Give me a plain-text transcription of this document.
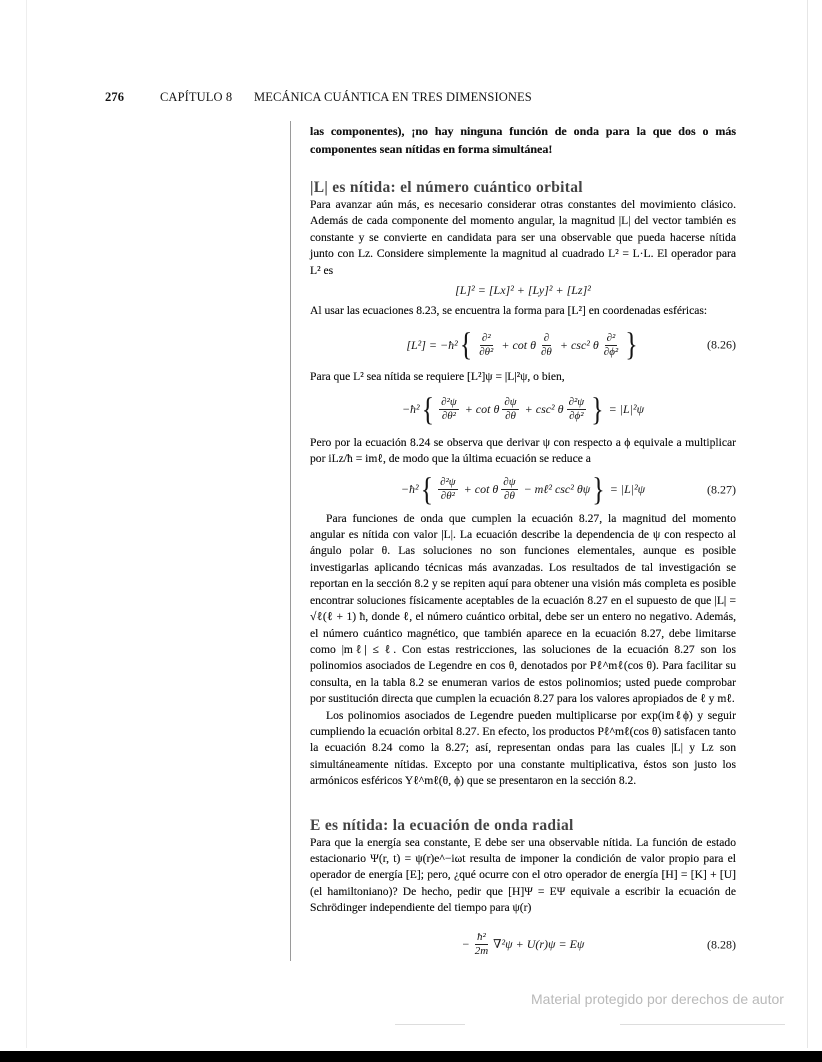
276	CAPÍTULO 8 MECÁNICA CUÁNTICA EN TRES DIMENSIONES

las componentes), ¡no hay ninguna función de onda para la que dos o más componentes sean nítidas en forma simultánea!

|L| es nítida: el número cuántico orbital

Para avanzar aún más, es necesario considerar otras constantes del movimiento clásico. Además de cada componente del momento angular, la magnitud |L| del vector también es constante y se convierte en candidata para ser una observable que pueda hacerse nítida junto con Lz. Considere simplemente la magnitud al cuadrado L² = L·L. El operador para L² es

[L]² = [Lx]² + [Ly]² + [Lz]²

Al usar las ecuaciones 8.23, se encuentra la forma para [L²] en coordenadas esféricas:

[L²] = −ħ² { $\frac{\text{∂²}}{\text{∂θ²}} + \cot \theta \frac{\partial}{\partial\theta} + \csc^2$ θ $\frac{\text{∂²}}{\text{∂ϕ²}}$ }	(8.26)

Para que L² sea nítida se requiere [L²]ψ = |L|²ψ, o bien,

−ħ² { $\frac{\text{∂²ψ}}{\text{∂θ²}} + \cot \theta \frac{\partial\psi}{\partial\theta} + \csc^2$ θ $\frac{\text{∂²ψ}}{\text{∂ϕ²}}$ } = |L|²ψ

Pero por la ecuación 8.24 se observa que derivar ψ con respecto a ϕ equivale a multiplicar por iLz/ħ = imℓ, de modo que la última ecuación se reduce a

−ħ² { $\frac{\text{∂²ψ}}{\text{∂θ²}} + \cot \theta \frac{\partial\psi}{\partial\theta}$ − mℓ² csc² θψ } = |L|²ψ	(8.27)

Para funciones de onda que cumplen la ecuación 8.27, la magnitud del momento angular es nítida con valor |L|. La ecuación describe la dependencia de ψ con respecto al ángulo polar θ. Las soluciones no son funciones elementales, aunque es posible investigarlas aplicando técnicas más avanzadas. Los resultados de tal investigación se reportan en la sección 8.2 y se repiten aquí para obtener una visión más completa es posible encontrar soluciones físicamente aceptables de la ecuación 8.27 en el supuesto de que |L| = √ℓ(ℓ + 1) ħ, donde ℓ, el número cuántico orbital, debe ser un entero no negativo. Además, el número cuántico magnético, que también aparece en la ecuación 8.27, debe limitarse como |mℓ| ≤ ℓ. Con estas restricciones, las soluciones de la ecuación 8.27 son los polinomios asociados de Legendre en cos θ, denotados por Pℓ^mℓ(cos θ). Para facilitar su consulta, en la tabla 8.2 se enumeran varios de estos polinomios; usted puede comprobar por sustitución directa que cumplen la ecuación 8.27 para los valores apropiados de ℓ y mℓ.

Los polinomios asociados de Legendre pueden multiplicarse por exp(imℓϕ) y seguir cumpliendo la ecuación orbital 8.27. En efecto, los productos Pℓ^mℓ(cos θ) satisfacen tanto la ecuación 8.24 como la 8.27; así, representan ondas para las cuales |L| y Lz son simultáneamente nítidas. Excepto por una constante multiplicativa, éstos son justo los armónicos esféricos Yℓ^mℓ(θ, ϕ) que se presentaron en la sección 8.2.

E es nítida: la ecuación de onda radial

Para que la energía sea constante, E debe ser una observable nítida. La función de estado estacionario Ψ(r, t) = ψ(r)e^−iωt resulta de imponer la condición de valor propio para el operador de energía [E]; pero, ¿qué ocurre con el otro operador de energía [H] = [K] + [U] (el hamiltoniano)? De hecho, pedir que [H]Ψ = EΨ equivale a escribir la ecuación de Schrödinger independiente del tiempo para ψ(r)

− $\frac{\text{ħ²}}{2m} \nabla^2\psi + U(r)\psi = E\psi$	(8.28)
Material protegido por derechos de autor
